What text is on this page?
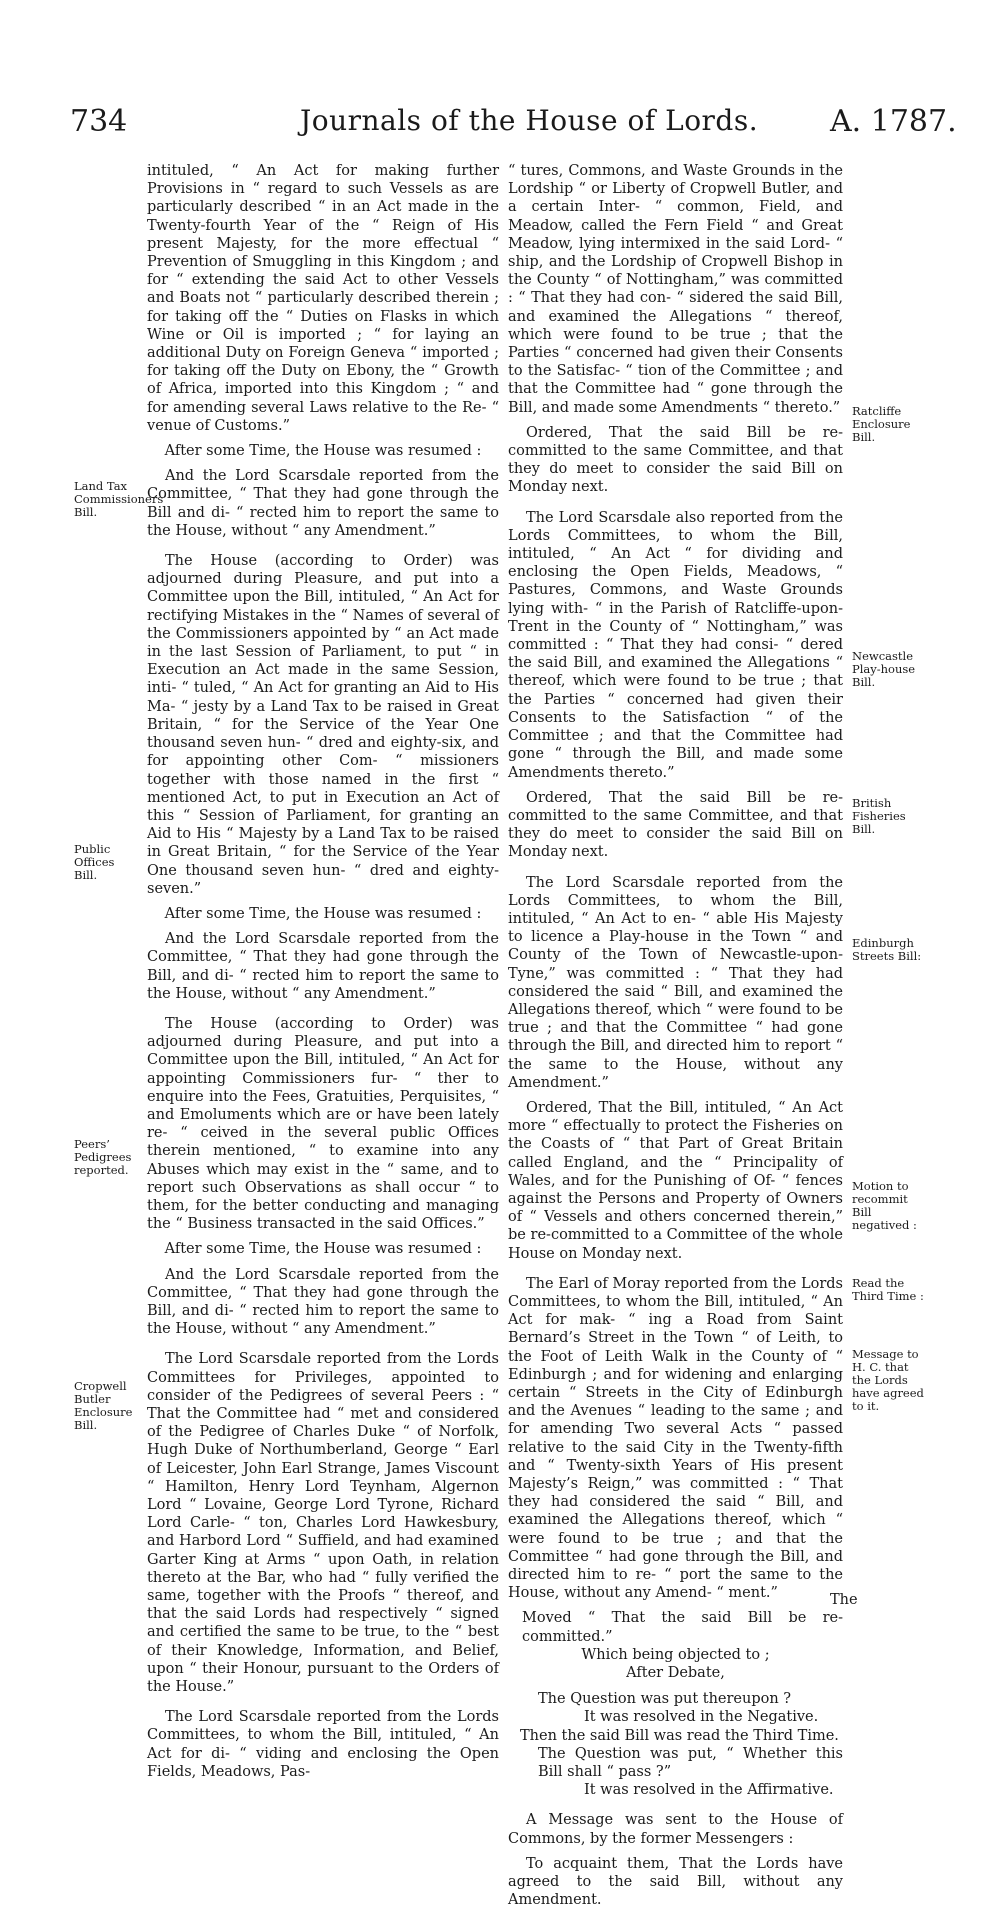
734	Journals of the House of Lords. A. 1787.

intituled, “ An Act for making further Provisions in “ regard to such Vessels as are particularly described “ in an Act made in the Twenty-fourth Year of the “ Reign of His present Majesty, for the more effectual “ Prevention of Smuggling in this Kingdom ; and for “ extending the said Act to other Vessels and Boats not “ particularly described therein ; for taking off the “ Duties on Flasks in which Wine or Oil is imported ; “ for laying an additional Duty on Foreign Geneva “ imported ; for taking off the Duty on Ebony, the “ Growth of Africa, imported into this Kingdom ; “ and for amending several Laws relative to the Re- “ venue of Customs.”

After some Time, the House was resumed :

And the Lord Scarsdale reported from the Committee, “ That they had gone through the Bill and di- “ rected him to report the same to the House, without “ any Amendment.”

The House (according to Order) was adjourned during Pleasure, and put into a Committee upon the Bill, intituled, “ An Act for rectifying Mistakes in the “ Names of several of the Commissioners appointed by “ an Act made in the last Session of Parliament, to put “ in Execution an Act made in the same Session, inti- “ tuled, “ An Act for granting an Aid to His Ma- “ jesty by a Land Tax to be raised in Great Britain, “ for the Service of the Year One thousand seven hun- “ dred and eighty-six, and for appointing other Com- “ missioners together with those named in the first “ mentioned Act, to put in Execution an Act of this “ Session of Parliament, for granting an Aid to His “ Majesty by a Land Tax to be raised in Great Britain, “ for the Service of the Year One thousand seven hun- “ dred and eighty-seven.”

After some Time, the House was resumed :

And the Lord Scarsdale reported from the Committee, “ That they had gone through the Bill, and di- “ rected him to report the same to the House, without “ any Amendment.”

The House (according to Order) was adjourned during Pleasure, and put into a Committee upon the Bill, intituled, “ An Act for appointing Commissioners fur- “ ther to enquire into the Fees, Gratuities, Perquisites, “ and Emoluments which are or have been lately re- “ ceived in the several public Offices therein mentioned, “ to examine into any Abuses which may exist in the “ same, and to report such Observations as shall occur “ to them, for the better conducting and managing the “ Business transacted in the said Offices.”

After some Time, the House was resumed :

And the Lord Scarsdale reported from the Committee, “ That they had gone through the Bill, and di- “ rected him to report the same to the House, without “ any Amendment.”

The Lord Scarsdale reported from the Lords Committees for Privileges, appointed to consider of the Pedigrees of several Peers : “ That the Committee had “ met and considered of the Pedigree of Charles Duke “ of Norfolk, Hugh Duke of Northumberland, George “ Earl of Leicester, John Earl Strange, James Viscount “ Hamilton, Henry Lord Teynham, Algernon Lord “ Lovaine, George Lord Tyrone, Richard Lord Carle- “ ton, Charles Lord Hawkesbury, and Harbord Lord “ Suffield, and had examined Garter King at Arms “ upon Oath, in relation thereto at the Bar, who had “ fully verified the same, together with the Proofs “ thereof, and that the said Lords had respectively “ signed and certified the same to be true, to the “ best of their Knowledge, Information, and Belief, upon “ their Honour, pursuant to the Orders of the House.”

The Lord Scarsdale reported from the Lords Committees, to whom the Bill, intituled, “ An Act for di- “ viding and enclosing the Open Fields, Meadows, Pas-

“ tures, Commons, and Waste Grounds in the Lordship “ or Liberty of Cropwell Butler, and a certain Inter- “ common, Field, and Meadow, called the Fern Field “ and Great Meadow, lying intermixed in the said Lord- “ ship, and the Lordship of Cropwell Bishop in the County “ of Nottingham,” was committed : “ That they had con- “ sidered the said Bill, and examined the Allegations “ thereof, which were found to be true ; that the Parties “ concerned had given their Consents to the Satisfac- “ tion of the Committee ; and that the Committee had “ gone through the Bill, and made some Amendments “ thereto.”

Ordered, That the said Bill be re-committed to the same Committee, and that they do meet to consider the said Bill on Monday next.

The Lord Scarsdale also reported from the Lords Committees, to whom the Bill, intituled, “ An Act “ for dividing and enclosing the Open Fields, Meadows, “ Pastures, Commons, and Waste Grounds lying with- “ in the Parish of Ratcliffe-upon-Trent in the County of “ Nottingham,” was committed : “ That they had consi- “ dered the said Bill, and examined the Allegations “ thereof, which were found to be true ; that the Parties “ concerned had given their Consents to the Satisfaction “ of the Committee ; and that the Committee had gone “ through the Bill, and made some Amendments thereto.”

Ordered, That the said Bill be re-committed to the same Committee, and that they do meet to consider the said Bill on Monday next.

The Lord Scarsdale reported from the Lords Committees, to whom the Bill, intituled, “ An Act to en- “ able His Majesty to licence a Play-house in the Town “ and County of the Town of Newcastle-upon-Tyne,” was committed : “ That they had considered the said “ Bill, and examined the Allegations thereof, which “ were found to be true ; and that the Committee “ had gone through the Bill, and directed him to report “ the same to the House, without any Amendment.”

Ordered, That the Bill, intituled, “ An Act more “ effectually to protect the Fisheries on the Coasts of “ that Part of Great Britain called England, and the “ Principality of Wales, and for the Punishing of Of- “ fences against the Persons and Property of Owners of “ Vessels and others concerned therein,” be re-committed to a Committee of the whole House on Monday next.

The Earl of Moray reported from the Lords Committees, to whom the Bill, intituled, “ An Act for mak- “ ing a Road from Saint Bernard’s Street in the Town “ of Leith, to the Foot of Leith Walk in the County of “ Edinburgh ; and for widening and enlarging certain “ Streets in the City of Edinburgh and the Avenues “ leading to the same ; and for amending Two several Acts “ passed relative to the said City in the Twenty-fifth and “ Twenty-sixth Years of His present Majesty’s Reign,” was committed : “ That they had considered the said “ Bill, and examined the Allegations thereof, which “ were found to be true ; and that the Committee “ had gone through the Bill, and directed him to re- “ port the same to the House, without any Amend- “ ment.”

Moved “ That the said Bill be re-committed.”

Which being objected to ;

After Debate,

The Question was put thereupon ?

It was resolved in the Negative.

Then the said Bill was read the Third Time.

The Question was put, “ Whether this Bill shall “ pass ?”

It was resolved in the Affirmative.

A Message was sent to the House of Commons, by the former Messengers :

To acquaint them, That the Lords have agreed to the said Bill, without any Amendment.

Land Tax Commissioners’ Bill.
Public Offices Bill.
Peers’ Pedigrees reported.
Cropwell Butler Enclosure Bill.
Ratcliffe Enclosure Bill.
Newcastle Play-house Bill.
British Fisheries Bill.
Edinburgh Streets Bill:
Motion to recommit Bill negatived :
Read the Third Time :
Message to H. C. that the Lords have agreed to it.
The
